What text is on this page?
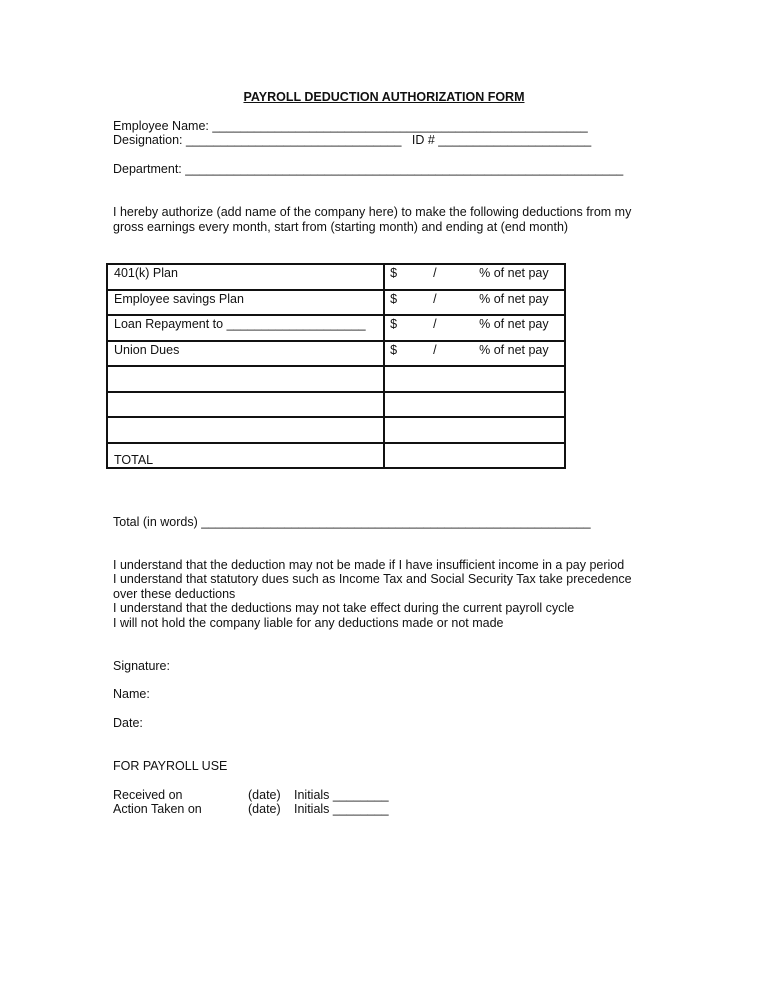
PAYROLL DEDUCTION AUTHORIZATION FORM
Employee Name: ______________________________________________________
Designation: _______________________________   ID # ______________________
Department: _______________________________________________________________
I hereby authorize (add name of the company here) to make the following deductions from my
gross earnings every month, start from (starting month) and ending at (end month)
401(k) Plan	$ / % of net pay

Employee savings Plan	$ / % of net pay

Loan Repayment to ____________________	$ / % of net pay

Union Dues	$ / % of net pay

TOTAL	
Total (in words) ________________________________________________________
I understand that the deduction may not be made if I have insufficient income in a pay period
I understand that statutory dues such as Income Tax and Social Security Tax take precedence
over these deductions
I understand that the deductions may not take effect during the current payroll cycle
I will not hold the company liable for any deductions made or not made
Signature:
Name:
Date:
FOR PAYROLL USE
Received on	(date) Initials ________
Action Taken on	(date) Initials ________
